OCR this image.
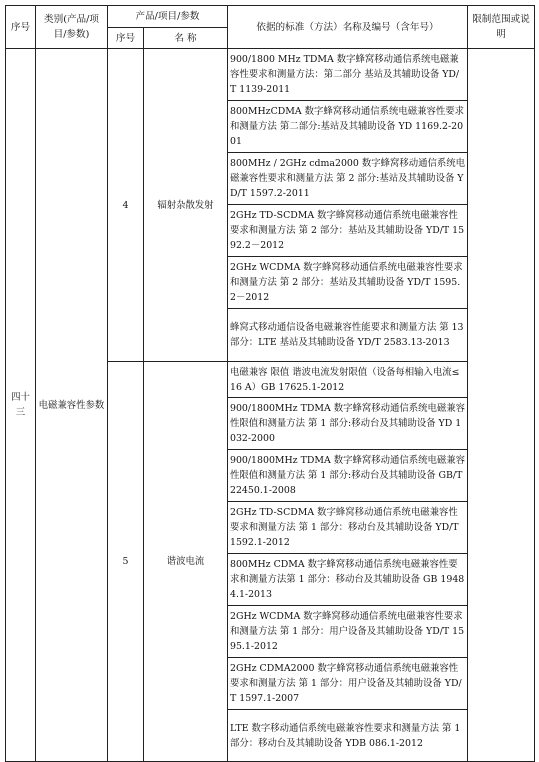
序号	类别(产品/项目/参数)	产品/项目/参数		依据的标准（方法）名称及编号（含年号）	限制范围或说明
		序号	名 称		
四十三	电磁兼容性参数	4	辐射杂散发射	900/1800 MHz TDMA 数字蜂窝移动通信系统电磁兼容性要求和测量方法：第二部分 基站及其辅助设备 YD/T 1139-2011	
				800MHzCDMA 数字蜂窝移动通信系统电磁兼容性要求和测量方法 第二部分:基站及其辅助设备 YD 1169.2-2001	
				800MHz / 2GHz cdma2000 数字蜂窝移动通信系统电磁兼容性要求和测量方法 第 2 部分:基站及其辅助设备 YD/T 1597.2-2011	
				2GHz TD-SCDMA 数字蜂窝移动通信系统电磁兼容性要求和测量方法 第 2 部分：基站及其辅助设备 YD/T 1592.2－2012	
				2GHz WCDMA 数字蜂窝移动通信系统电磁兼容性要求和测量方法 第 2 部分：基站及其辅助设备 YD/T 1595.2－2012	
				蜂窝式移动通信设备电磁兼容性能要求和测量方法 第 13 部分：LTE 基站及其辅助设备 YD/T 2583.13-2013	
		5	谐波电流	电磁兼容 限值 谐波电流发射限值（设备每相输入电流≤16 A）GB 17625.1-2012	
				900/1800MHz TDMA 数字蜂窝移动通信系统电磁兼容性限值和测量方法 第 1 部分:移动台及其辅助设备 YD 1032-2000	
				900/1800MHz TDMA 数字蜂窝移动通信系统电磁兼容性限值和测量方法 第 1 部分:移动台及其辅助设备 GB/T 22450.1-2008	
				2GHz TD-SCDMA 数字蜂窝移动通信系统电磁兼容性要求和测量方法 第 1 部分：移动台及其辅助设备 YD/T 1592.1-2012	
				800MHz CDMA 数字蜂窝移动通信系统电磁兼容性要求和测量方法第 1 部分：移动台及其辅助设备 GB 19484.1-2013	
				2GHz WCDMA 数字蜂窝移动通信系统电磁兼容性要求和测量方法 第 1 部分：用户设备及其辅助设备 YD/T 1595.1-2012	
				2GHz CDMA2000 数字蜂窝移动通信系统电磁兼容性要求和测量方法 第 1 部分：用户设备及其辅助设备 YD/T 1597.1-2007	
				LTE 数字移动通信系统电磁兼容性要求和测量方法 第 1 部分：移动台及其辅助设备 YDB 086.1-2012	
